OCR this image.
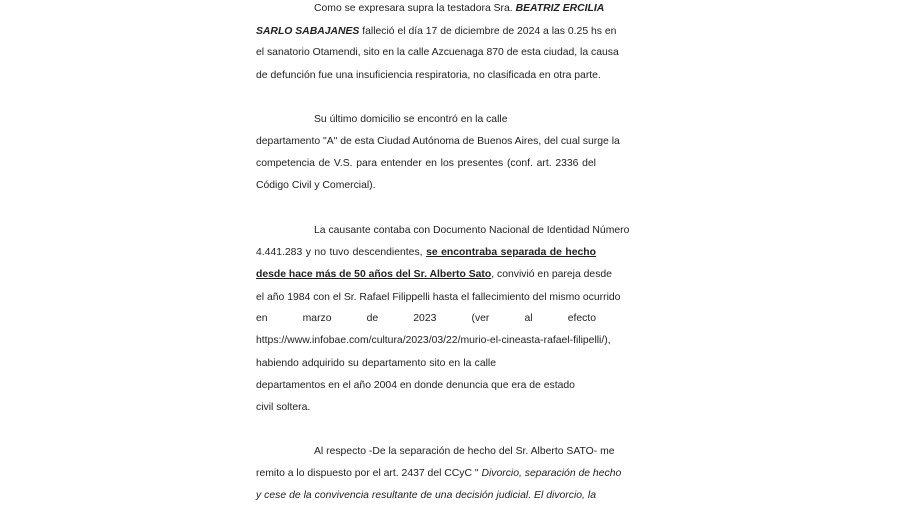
Como se expresara supra la testadora Sra. BEATRIZ ERCILIA
SARLO SABAJANES falleció el día 17 de diciembre de 2024 a las 0.25 hs en
el sanatorio Otamendi, sito en la calle Azcuenaga 870 de esta ciudad, la causa
de defunción fue una insuficiencia respiratoria, no clasificada en otra parte.
Su último domicilio se encontró en la calle
departamento "A" de esta Ciudad Autónoma de Buenos Aires, del cual surge la
competencia de V.S. para entender en los presentes (conf. art. 2336 del
Código Civil y Comercial).
La causante contaba con Documento Nacional de Identidad Número
4.441.283 y no tuvo descendientes, se encontraba separada de hecho
desde hace más de 50 años del Sr. Alberto Sato, convivió en pareja desde
el año 1984 con el Sr. Rafael Filippelli hasta el fallecimiento del mismo ocurrido
en	marzo	de	2023	(ver	al	efecto
https://www.infobae.com/cultura/2023/03/22/murio-el-cineasta-rafael-filipelli/),
habiendo adquirido su departamento sito en la calle
departamentos en el año 2004 en donde denuncia que era de estado
civil soltera.
Al respecto -De la separación de hecho del Sr. Alberto SATO- me
remito a lo dispuesto por el art. 2437 del CCyC " Divorcio, separación de hecho
y cese de la convivencia resultante de una decisión judicial. El divorcio, la
